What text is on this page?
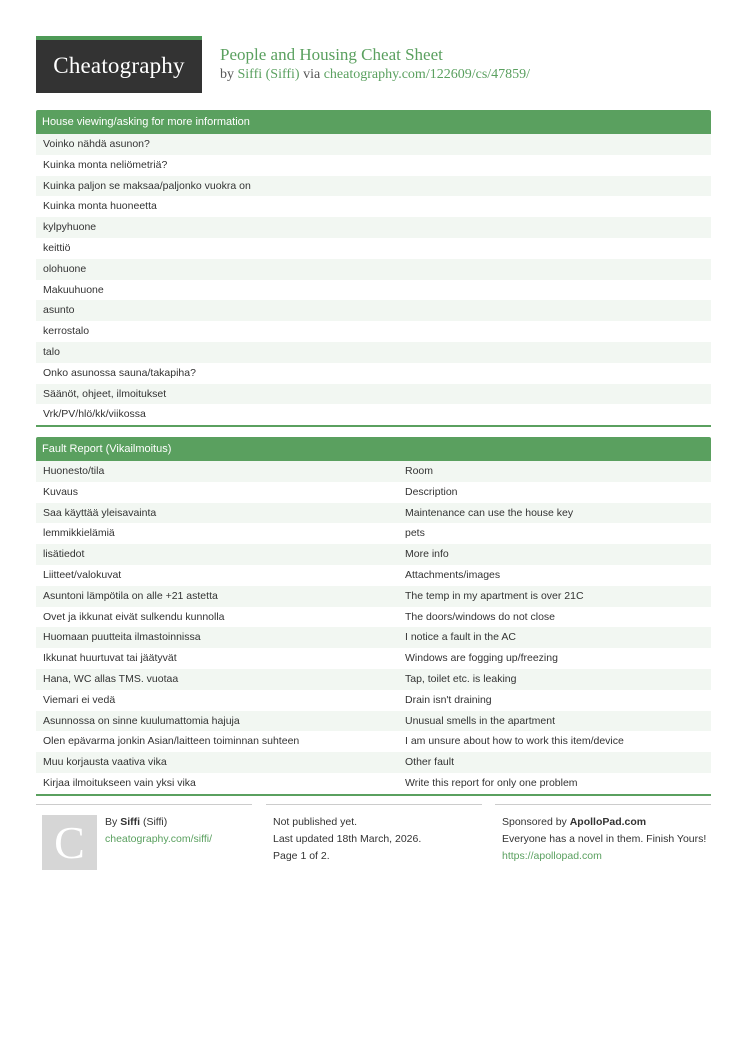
Cheatography	People and Housing Cheat Sheet
by Siffi (Siffi) via cheatography.com/122609/cs/47859/
House viewing/asking for more information
Voinko nähdä asunon?
Kuinka monta neliömetriä?
Kuinka paljon se maksaa/paljonko vuokra on
Kuinka monta huoneetta
kylpyhuone
keittiö
olohuone
Makuuhuone
asunto
kerrostalo
talo
Onko asunossa sauna/takapiha?
Säänöt, ohjeet, ilmoitukset
Vrk/PV/hlö/kk/viikossa
Fault Report (Vikailmoitus)
Huonesto/tila	Room
Kuvaus	Description
Saa käyttää yleisavainta	Maintenance can use the house key
lemmikkielämiä	pets
lisätiedot	More info
Liitteet/valokuvat	Attachments/images
Asuntoni lämpötila on alle +21 astetta	The temp in my apartment is over 21C
Ovet ja ikkunat eivät sulkendu kunnolla	The doors/windows do not close
Huomaan puutteita ilmastoinnissa	I notice a fault in the AC
Ikkunat huurtuvat tai jäätyvät	Windows are fogging up/freezing
Hana, WC allas TMS. vuotaa	Tap, toilet etc. is leaking
Viemari ei vedä	Drain isn't draining
Asunnossa on sinne kuulumattomia hajuja	Unusual smells in the apartment
Olen epävarma jonkin Asian/laitteen toiminnan suhteen	I am unsure about how to work this item/device
Muu korjausta vaativa vika	Other fault
Kirjaa ilmoitukseen vain yksi vika	Write this report for only one problem
C	By Siffi (Siffi)
cheatography.com/siffi/
Not published yet.
Last updated 18th March, 2026.
Page 1 of 2.
Sponsored by ApolloPad.com
Everyone has a novel in them. Finish Yours!
https://apollopad.com
